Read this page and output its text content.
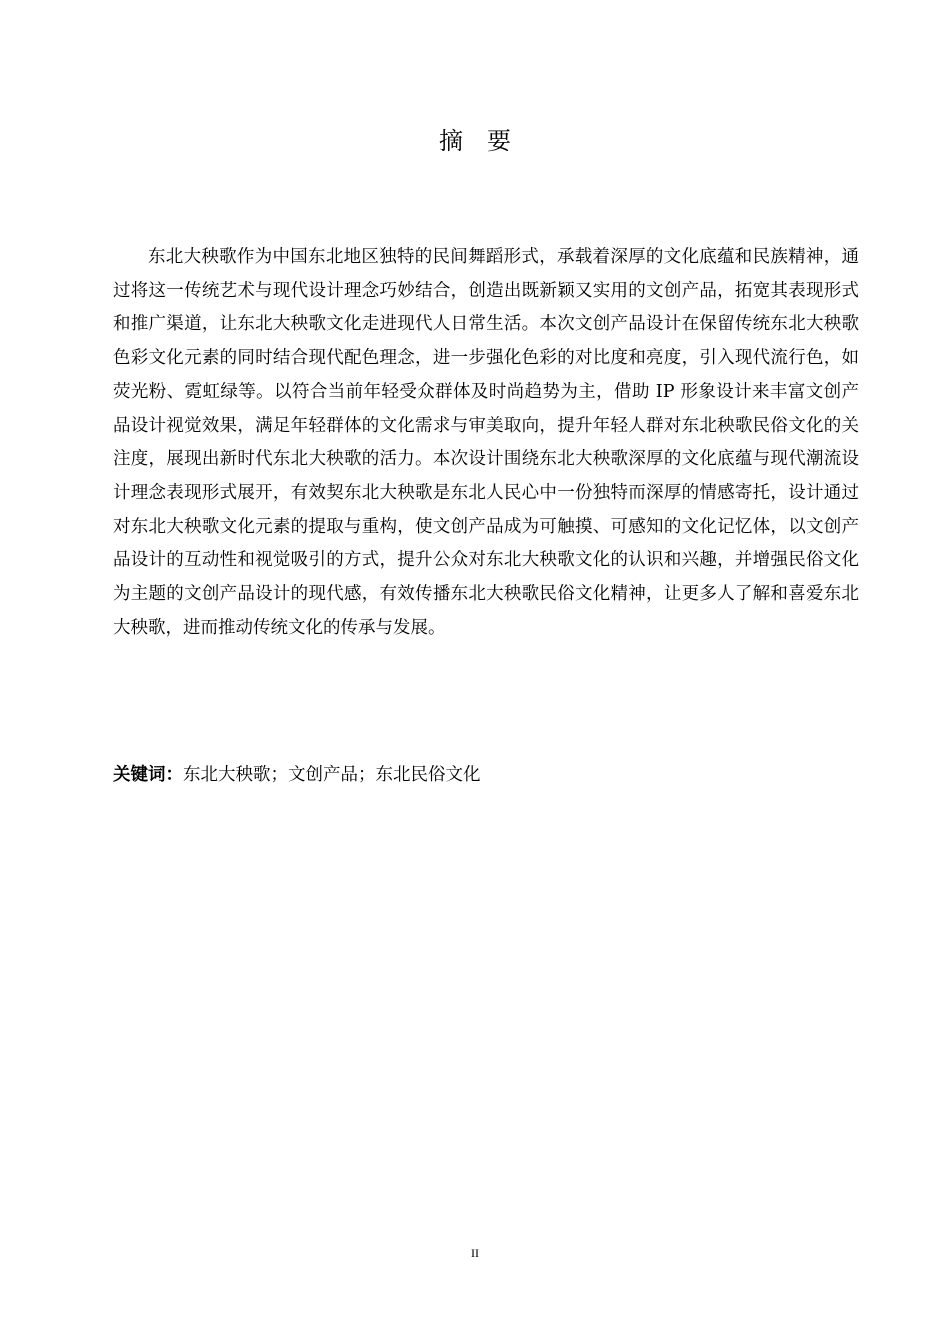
摘要

东北大秧歌作为中国东北地区独特的民间舞蹈形式，承载着深厚的文化底蕴和民族精神，通过将这一传统艺术与现代设计理念巧妙结合，创造出既新颖又实用的文创产品，拓宽其表现形式和推广渠道，让东北大秧歌文化走进现代人日常生活。本次文创产品设计在保留传统东北大秧歌色彩文化元素的同时结合现代配色理念，进一步强化色彩的对比度和亮度，引入现代流行色，如荧光粉、霓虹绿等。以符合当前年轻受众群体及时尚趋势为主，借助 IP 形象设计来丰富文创产品设计视觉效果，满足年轻群体的文化需求与审美取向，提升年轻人群对东北秧歌民俗文化的关注度，展现出新时代东北大秧歌的活力。本次设计围绕东北大秧歌深厚的文化底蕴与现代潮流设计理念表现形式展开，有效契东北大秧歌是东北人民心中一份独特而深厚的情感寄托，设计通过对东北大秧歌文化元素的提取与重构，使文创产品成为可触摸、可感知的文化记忆体，以文创产品设计的互动性和视觉吸引的方式，提升公众对东北大秧歌文化的认识和兴趣，并增强民俗文化为主题的文创产品设计的现代感，有效传播东北大秧歌民俗文化精神，让更多人了解和喜爱东北大秧歌，进而推动传统文化的传承与发展。

关键词：东北大秧歌；文创产品；东北民俗文化

II
